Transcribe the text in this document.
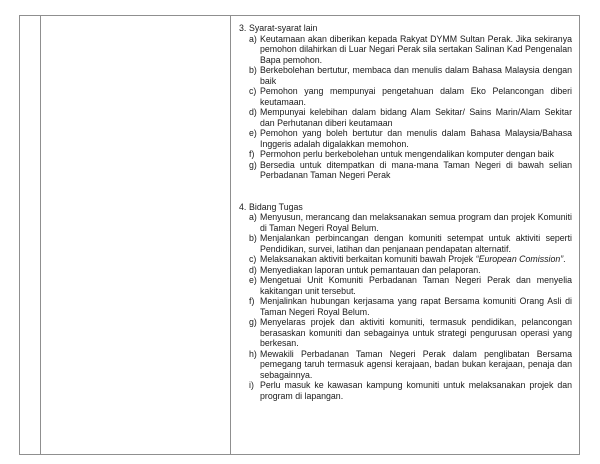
3. Syarat-syarat lain
a) Keutamaan akan diberikan kepada Rakyat DYMM Sultan Perak. Jika sekiranya pemohon dilahirkan di Luar Negari Perak sila sertakan Salinan Kad Pengenalan Bapa pemohon.
b) Berkebolehan bertutur, membaca dan menulis dalam Bahasa Malaysia dengan baik
c) Pemohon yang mempunyai pengetahuan dalam Eko Pelancongan diberi keutamaan.
d) Mempunyai kelebihan dalam bidang Alam Sekitar/ Sains Marin/Alam Sekitar dan Perhutanan diberi keutamaan
e) Pemohon yang boleh bertutur dan menulis dalam Bahasa Malaysia/Bahasa Inggeris adalah digalakkan memohon.
f) Permohon perlu berkebolehan untuk mengendalikan komputer dengan baik
g) Bersedia untuk ditempatkan di mana-mana Taman Negeri di bawah selian Perbadanan Taman Negeri Perak
4. Bidang Tugas
a) Menyusun, merancang dan melaksanakan semua program dan projek Komuniti di Taman Negeri Royal Belum.
b) Menjalankan perbincangan dengan komuniti setempat untuk aktiviti seperti Pendidikan, survei, latihan dan penjanaan pendapatan alternatif.
c) Melaksanakan aktiviti berkaitan komuniti bawah Projek “European Comission”.
d) Menyediakan laporan untuk pemantauan dan pelaporan.
e) Mengetuai Unit Komuniti Perbadanan Taman Negeri Perak dan menyelia kakitangan unit tersebut.
f) Menjalinkan hubungan kerjasama yang rapat Bersama komuniti Orang Asli di Taman Negeri Royal Belum.
g) Menyelaras projek dan aktiviti komuniti, termasuk pendidikan, pelancongan berasaskan komuniti dan sebagainya untuk strategi pengurusan operasi yang berkesan.
h) Mewakili Perbadanan Taman Negeri Perak dalam penglibatan Bersama pemegang taruh termasuk agensi kerajaan, badan bukan kerajaan, penaja dan sebagainnya.
i) Perlu masuk ke kawasan kampung komuniti untuk melaksanakan projek dan program di lapangan.
